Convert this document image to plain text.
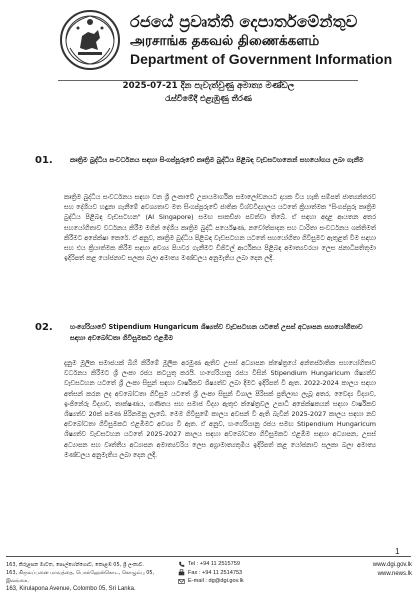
රජයේ ප්‍රවෘත්ති දෙපාර්තමේන්තුව
அரசாங்க தகவல் திணைக்களம்
Department of Government Information
2025-07-21 දින පැවැත්වුණු අමාත්‍ය මණ්ඩල
රැස්වීමේදී එළැඹුණු තීරණ
01.	කෘත්‍රිම බුද්ධිය සංවර්ධනය සඳහා සිංගප්පූරුවේ කෘත්‍රිම බුද්ධිය පිළිබඳ වැඩසටහනෙන් සහයෝගය ලබා ගැනීම
කෘත්‍රිම බුද්ධිය සංවර්ධනය සඳහා වන ශ්‍රී ලංකාවේ උපායමාර්ගික සමාලෝචනයට දායක විය හැකි සම්පත් ජාත්‍යන්තරව සහ දේශීයව හඳුනා ගැනීමේ අවශ්‍යතාව මත සිංගප්පූරුවේ ජාතික විශ්වවිද්‍යාලය යටතේ ක්‍රියාත්මක "සිංගප්පූරු කෘත්‍රිම බුද්ධිය පිළිබඳ වැඩසටහන" (AI Singapore) සමඟ සාකච්ඡා පවත්වා තිබේ. ඒ සඳහා අදාළ ආයතන අතර සහයෝගීතාව වර්ධනය කිරීම මගින් දේශීය කෘත්‍රිම බුද්ධි පර්යේෂණ, නවෝත්පාදන සහ ධාරිතා සංවර්ධනය ශක්තිමත් කිරීමට අපේක්ෂා කෙරේ. ඒ අනුව, කෘත්‍රිම බුද්ධිය පිළිබඳ වැඩසටහන යටතේ සහයෝගිතා ගිවිසුමට ඇතුළත් වීම සඳහා සහ එය ක්‍රියාත්මක කිරීම සඳහා අවශ්‍ය පියවර ගැනීමට ඩිජිටල් ආර්ථිකය පිළිබඳ අමාත්‍යවරයා ලෙස ජනාධිපතිතුමා ඉදිරිපත් කළ යෝජනාව සලකා බලා අමාත්‍ය මණ්ඩලය අනුමැතිය ලබා දෙන ලදී.
02.	හංගේරියාවේ Stipendium Hungaricum ශිෂ්‍යත්ව වැඩසටහන යටතේ උසස් අධ්‍යාපන සහයෝගීතාව සඳහා අවබෝධතා ගිවිසුමකට එළඹීම
දැනුම මූලික සමාජයක් බිහි කිරීමේ මූලික අරමුණ ඇතිව උසස් අධ්‍යාපන ක්ෂේත්‍රයේ අන්තර්ජාතික සහයෝගිතාව වර්ධනය කිරීමට ශ්‍රී ලංකා රජය කටයුතු කරයි. හංගේරියානු රජය විසින් Stipendium Hungaricum ශිෂ්‍යත්ව වැඩසටහන යටතේ ශ්‍රී ලංකා සිසුන් සඳහා වාර්ෂිකව ශිෂ්‍යත්ව ලබා දීමට ඉදිරිපත් වී ඇත. 2022-2024 කාලය සඳහා අත්සන් කරන ලද අවබෝධතා ගිවිසුම යටතේ ශ්‍රී ලංකා සිසුන් විශාල පිරිසක් ප්‍රතිලාභ ලැබූ අතර, වෛද්‍ය විද්‍යාව, ඉංජිනේරු විද්‍යාව, තාක්ෂණය, ගණිතය සහ සමාජ විද්‍යා ඇතුළු ක්ෂේත්‍රවල උපාධි අපේක්ෂකයන් සඳහා වාර්ෂිකව ශිෂ්‍යත්ව 20ක් පමණ පිරිනමනු ලැබේ. මෙම ගිවිසුමේ කාලය අවසන් වී ඇති බැවින් 2025-2027 කාලය සඳහා නව අවබෝධතා ගිවිසුමකට එළඹීමට අවශ්‍ය වී ඇත. ඒ අනුව, හංගේරියානු රජය සමඟ Stipendium Hungaricum ශිෂ්‍යත්ව වැඩසටහන යටතේ 2025-2027 කාලය සඳහා අවබෝධතා ගිවිසුමකට එළඹීම සඳහා අධ්‍යාපන, උසස් අධ්‍යාපන සහ වෘත්තීය අධ්‍යාපන අමාත්‍යවරිය ලෙස අග්‍රාමාත්‍යතුමිය ඉදිරිපත් කළ යෝජනාව සලකා බලා අමාත්‍ය මණ්ඩලය අනුමැතිය ලබා දෙන ලදී.
1
163, කිරුළපන මාවත, පොල්හේන්ගොඩ, කොළඹ 05, ශ්‍රී ලංකාව.
163, கிருலப்பனை மாவத்தை, பொல்ஹேன்கொட, கொழும்பு 05, இலங்கை.
163, Kirulapona Avenue, Colombo 05, Sri Lanka.
Tel : +94 11 2515759
Fax : +94 11 2514753
E-mail : dg@dgi.gov.lk
www.dgi.gov.lk
www.news.lk
